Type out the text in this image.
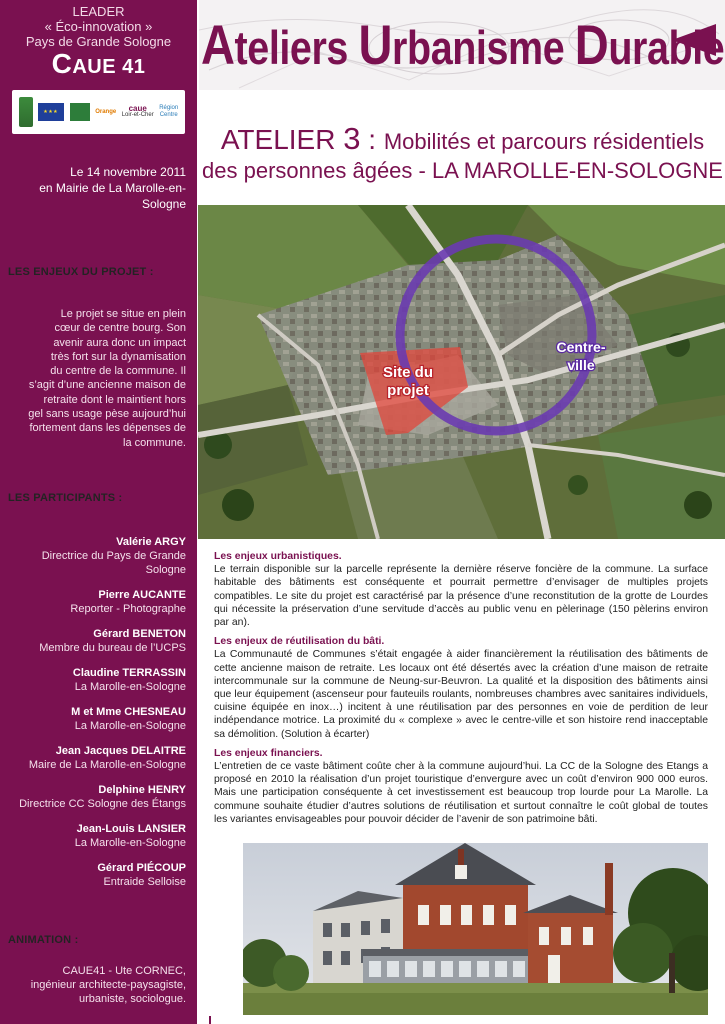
LEADER
« Éco-innovation »
Pays de Grande Sologne
CAUE 41
★★★
Orange caue
Loir-et-Cher
Région
Centre
Le 14 novembre 2011
en Mairie de La Marolle-en-
Sologne
LES ENJEUX DU PROJET :
Le projet se situe en plein
cœur de centre bourg. Son
avenir aura donc un impact
très fort sur la dynamisation
du centre de la commune. Il
s’agit d’une ancienne maison de
retraite dont le maintient hors
gel sans usage pèse aujourd’hui
fortement dans les dépenses de
la commune.
LES PARTICIPANTS :
Valérie ARGY
Directrice du Pays de Grande
Sologne
Pierre AUCANTE
Reporter - Photographe
Gérard BENETON
Membre du bureau de l’UCPS
Claudine TERRASSIN
La Marolle-en-Sologne
M et Mme CHESNEAU
La Marolle-en-Sologne
Jean Jacques DELAITRE
Maire de La Marolle-en-Sologne
Delphine HENRY
Directrice CC Sologne des Étangs
Jean-Louis LANSIER
La Marolle-en-Sologne
Gérard PIÉCOUP
Entraide Selloise
ANIMATION :
CAUE41 - Ute CORNEC,
ingénieur architecte-paysagiste,
urbaniste, sociologue.
Ateliers Urbanisme Durable
ATELIER 3 : Mobilités et parcours résidentiels
des personnes âgées - LA MAROLLE-EN-SOLOGNE
Site du
projet
Centre-
ville
Les enjeux urbanistiques.

Le terrain disponible sur la parcelle représente la dernière réserve foncière de la commune. La surface habitable des bâtiments est conséquente et pourrait permettre d’envisager de multiples projets compatibles. Le site du projet est caractérisé par la présence d’une reconstitution de la grotte de Lourdes qui nécessite la préservation d’une servitude d’accès au public venu en pèlerinage (150 pèlerins environ par an).

Les enjeux de réutilisation du bâti.

La Communauté de Communes s’était engagée à aider financièrement la réutilisation des bâtiments de cette ancienne maison de retraite. Les locaux ont été désertés avec la création d’une maison de retraite intercommunale sur la commune de Neung-sur-Beuvron. La qualité et la disposition des bâtiments ainsi que leur équipement (ascenseur pour fauteuils roulants, nombreuses chambres avec sanitaires individuels, cuisine équipée en inox…) incitent à une réutilisation par des personnes en voie de perdition de leur indépendance motrice. La proximité du « complexe » avec le centre-ville et son histoire rend inacceptable sa démolition. (Solution à écarter)

Les enjeux financiers.

L’entretien de ce vaste bâtiment coûte cher à la commune aujourd’hui. La CC de la Sologne des Etangs a proposé en 2010 la réalisation d’un projet touristique d’envergure avec un coût d’environ 900 000 euros. Mais une participation conséquente à cet investissement est beaucoup trop lourde pour La Marolle. La commune souhaite étudier d’autres solutions de réutilisation et surtout connaître le coût global de toutes les variantes envisageables pour pouvoir décider de l’avenir de son patrimoine bâti.
